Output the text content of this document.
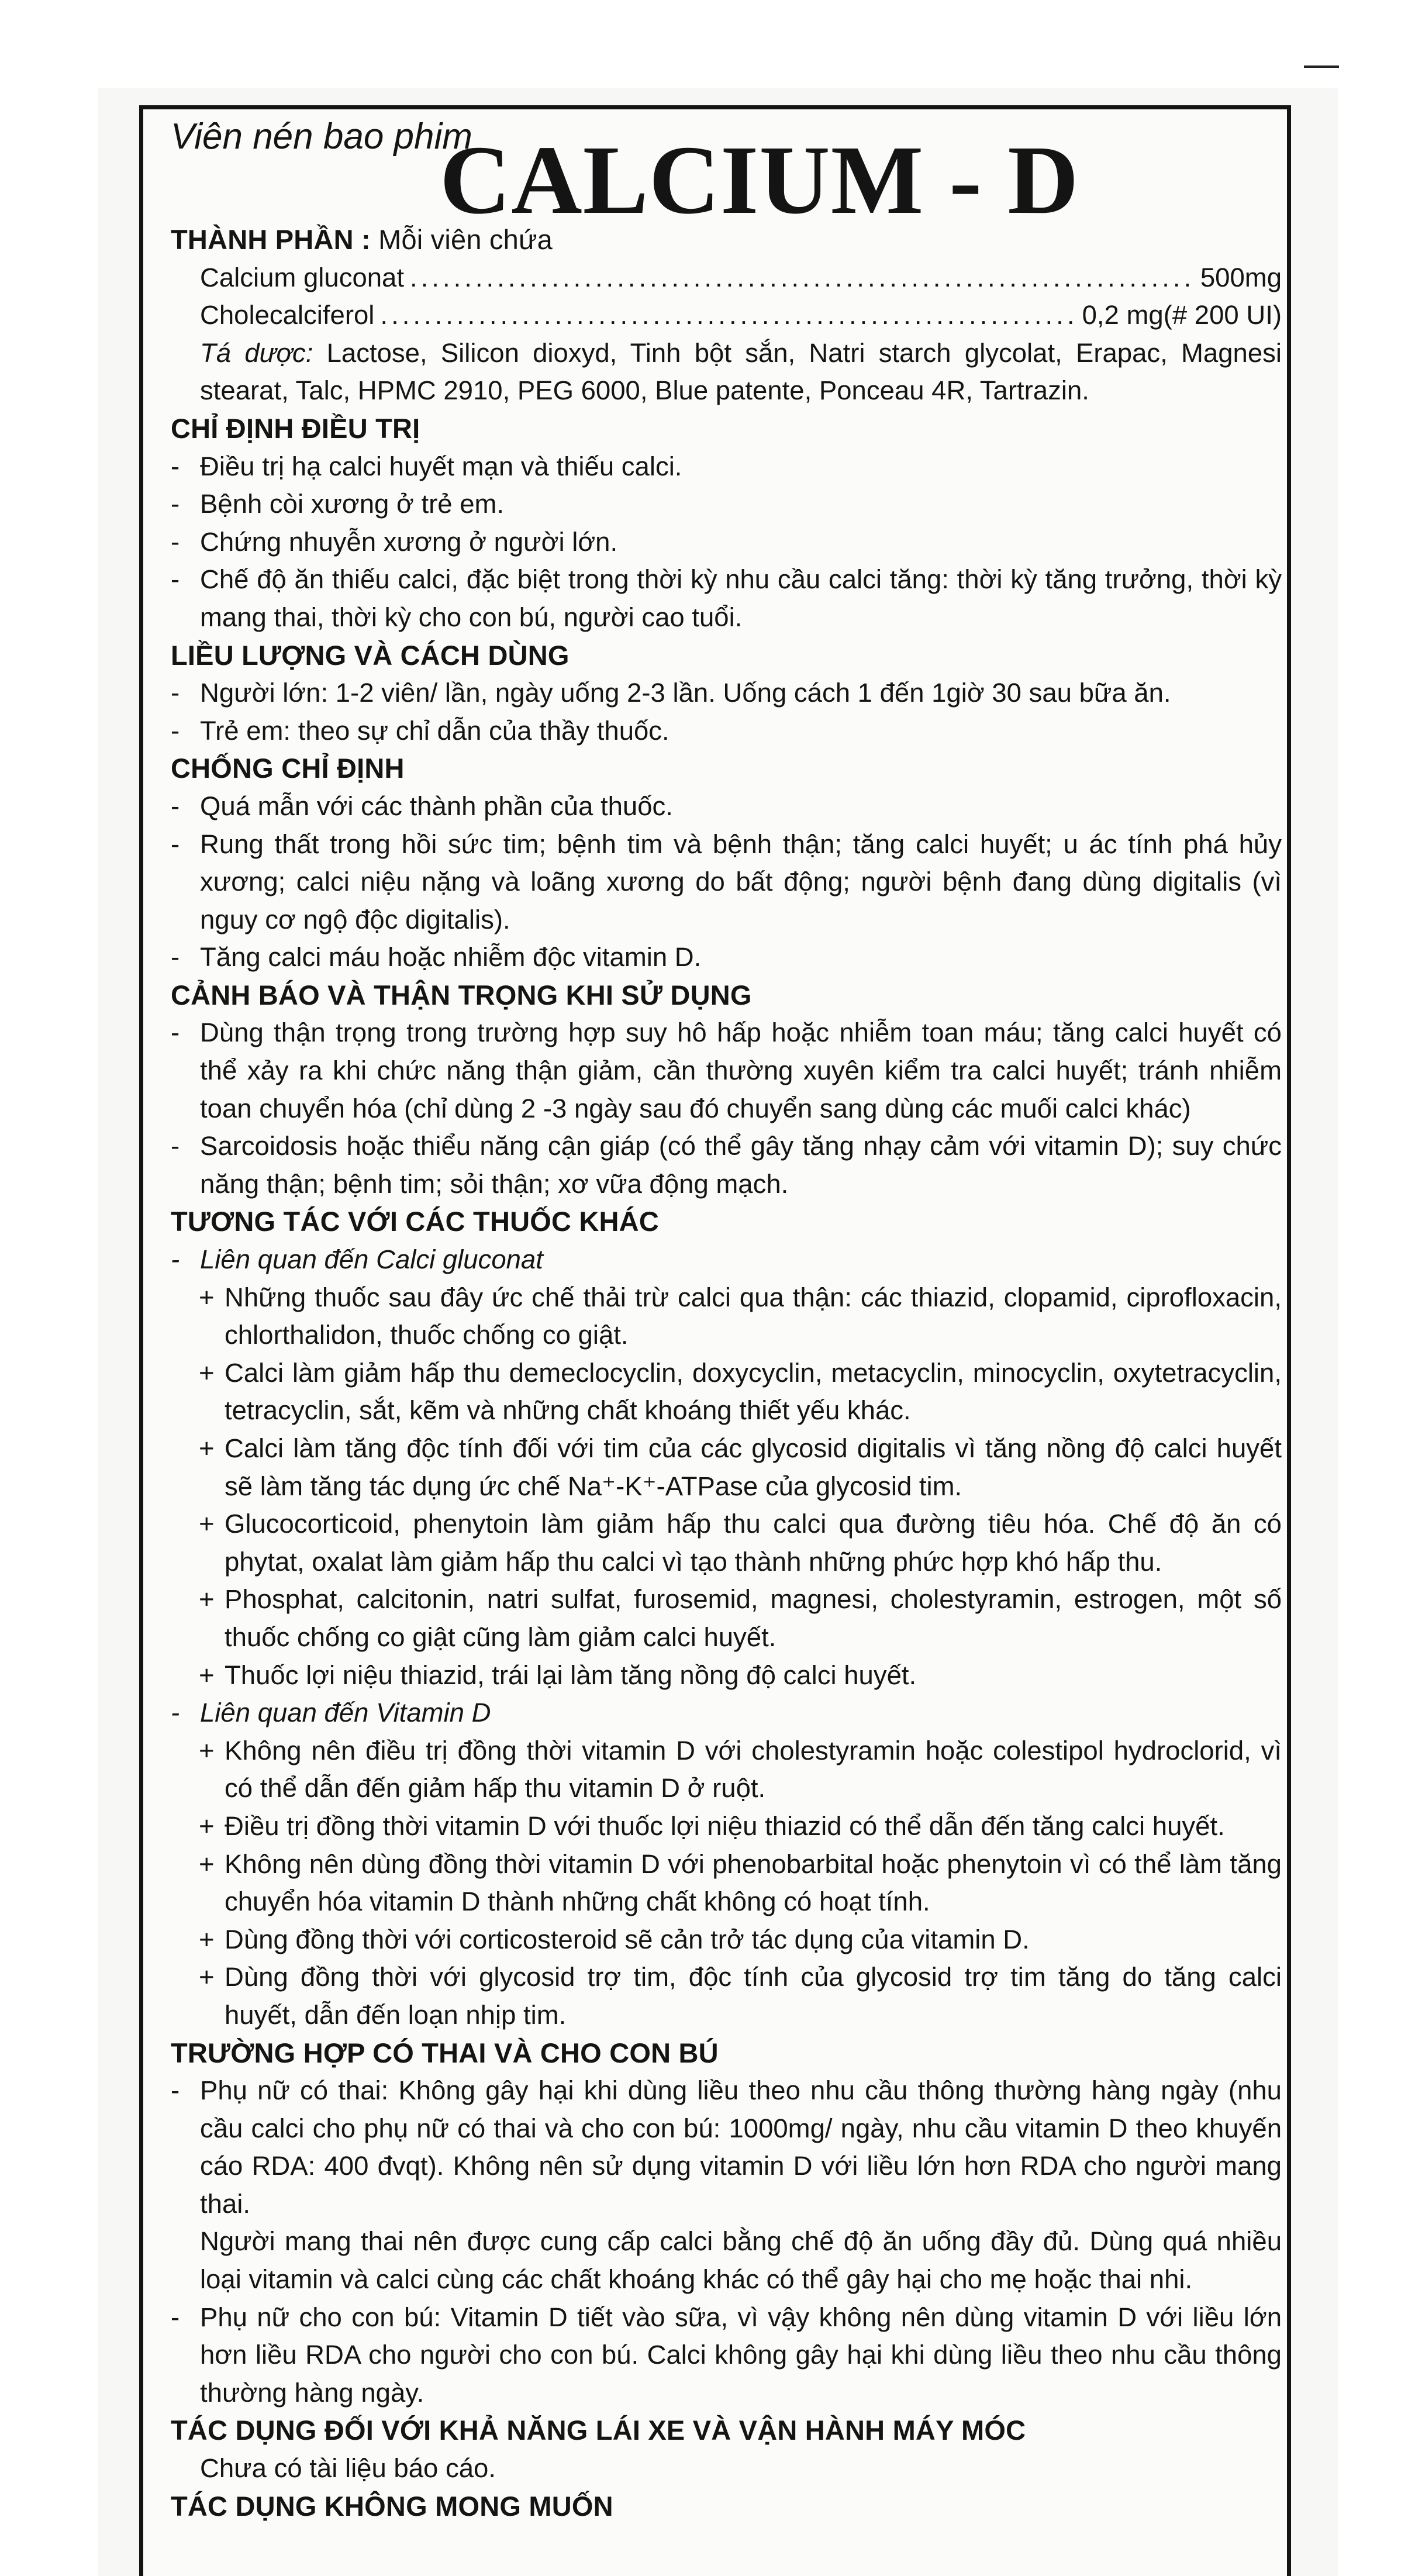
Viên nén bao phim
CALCIUM - D
THÀNH PHẦN : Mỗi viên chứa
Calcium gluconat .....	500mg
Cholecalciferol .....	0,2 mg(# 200 UI)
Tá dược: Lactose, Silicon dioxyd, Tinh bột sắn, Natri starch glycolat, Erapac, Magnesi stearat, Talc, HPMC 2910, PEG 6000, Blue patente, Ponceau 4R, Tartrazin.
CHỈ ĐỊNH ĐIỀU TRỊ
- Điều trị hạ calci huyết mạn và thiếu calci.
- Bệnh còi xương ở trẻ em.
- Chứng nhuyễn xương ở người lớn.
- Chế độ ăn thiếu calci, đặc biệt trong thời kỳ nhu cầu calci tăng: thời kỳ tăng trưởng, thời kỳ mang thai, thời kỳ cho con bú, người cao tuổi.
LIỀU LƯỢNG VÀ CÁCH DÙNG
- Người lớn: 1-2 viên/ lần, ngày uống 2-3 lần. Uống cách 1 đến 1giờ 30 sau bữa ăn.
- Trẻ em: theo sự chỉ dẫn của thầy thuốc.
CHỐNG CHỈ ĐỊNH
- Quá mẫn với các thành phần của thuốc.
- Rung thất trong hồi sức tim; bệnh tim và bệnh thận; tăng calci huyết; u ác tính phá hủy xương; calci niệu nặng và loãng xương do bất động; người bệnh đang dùng digitalis (vì nguy cơ ngộ độc digitalis).
- Tăng calci máu hoặc nhiễm độc vitamin D.
CẢNH BÁO VÀ THẬN TRỌNG KHI SỬ DỤNG
- Dùng thận trọng trong trường hợp suy hô hấp hoặc nhiễm toan máu; tăng calci huyết có thể xảy ra khi chức năng thận giảm, cần thường xuyên kiểm tra calci huyết; tránh nhiễm toan chuyển hóa (chỉ dùng 2 -3 ngày sau đó chuyển sang dùng các muối calci khác)
- Sarcoidosis hoặc thiểu năng cận giáp (có thể gây tăng nhạy cảm với vitamin D); suy chức năng thận; bệnh tim; sỏi thận; xơ vữa động mạch.
TƯƠNG TÁC VỚI CÁC THUỐC KHÁC
- Liên quan đến Calci gluconat
+ Những thuốc sau đây ức chế thải trừ calci qua thận: các thiazid, clopamid, ciprofloxacin, chlorthalidon, thuốc chống co giật.
+ Calci làm giảm hấp thu demeclocyclin, doxycyclin, metacyclin, minocyclin, oxytetracyclin, tetracyclin, sắt, kẽm và những chất khoáng thiết yếu khác.
+ Calci làm tăng độc tính đối với tim của các glycosid digitalis vì tăng nồng độ calci huyết sẽ làm tăng tác dụng ức chế Na⁺-K⁺-ATPase của glycosid tim.
+ Glucocorticoid, phenytoin làm giảm hấp thu calci qua đường tiêu hóa. Chế độ ăn có phytat, oxalat làm giảm hấp thu calci vì tạo thành những phức hợp khó hấp thu.
+ Phosphat, calcitonin, natri sulfat, furosemid, magnesi, cholestyramin, estrogen, một số thuốc chống co giật cũng làm giảm calci huyết.
+ Thuốc lợi niệu thiazid, trái lại làm tăng nồng độ calci huyết.
- Liên quan đến Vitamin D
+ Không nên điều trị đồng thời vitamin D với cholestyramin hoặc colestipol hydroclorid, vì có thể dẫn đến giảm hấp thu vitamin D ở ruột.
+ Điều trị đồng thời vitamin D với thuốc lợi niệu thiazid có thể dẫn đến tăng calci huyết.
+ Không nên dùng đồng thời vitamin D với phenobarbital hoặc phenytoin vì có thể làm tăng chuyển hóa vitamin D thành những chất không có hoạt tính.
+ Dùng đồng thời với corticosteroid sẽ cản trở tác dụng của vitamin D.
+ Dùng đồng thời với glycosid trợ tim, độc tính của glycosid trợ tim tăng do tăng calci huyết, dẫn đến loạn nhịp tim.
TRƯỜNG HỢP CÓ THAI VÀ CHO CON BÚ
- Phụ nữ có thai: Không gây hại khi dùng liều theo nhu cầu thông thường hàng ngày (nhu cầu calci cho phụ nữ có thai và cho con bú: 1000mg/ ngày, nhu cầu vitamin D theo khuyến cáo RDA: 400 đvqt). Không nên sử dụng vitamin D với liều lớn hơn RDA cho người mang thai.
Người mang thai nên được cung cấp calci bằng chế độ ăn uống đầy đủ. Dùng quá nhiều loại vitamin và calci cùng các chất khoáng khác có thể gây hại cho mẹ hoặc thai nhi.
- Phụ nữ cho con bú: Vitamin D tiết vào sữa, vì vậy không nên dùng vitamin D với liều lớn hơn liều RDA cho người cho con bú. Calci không gây hại khi dùng liều theo nhu cầu thông thường hàng ngày.
TÁC DỤNG ĐỐI VỚI KHẢ NĂNG LÁI XE VÀ VẬN HÀNH MÁY MÓC
Chưa có tài liệu báo cáo.
TÁC DỤNG KHÔNG MONG MUỐN
